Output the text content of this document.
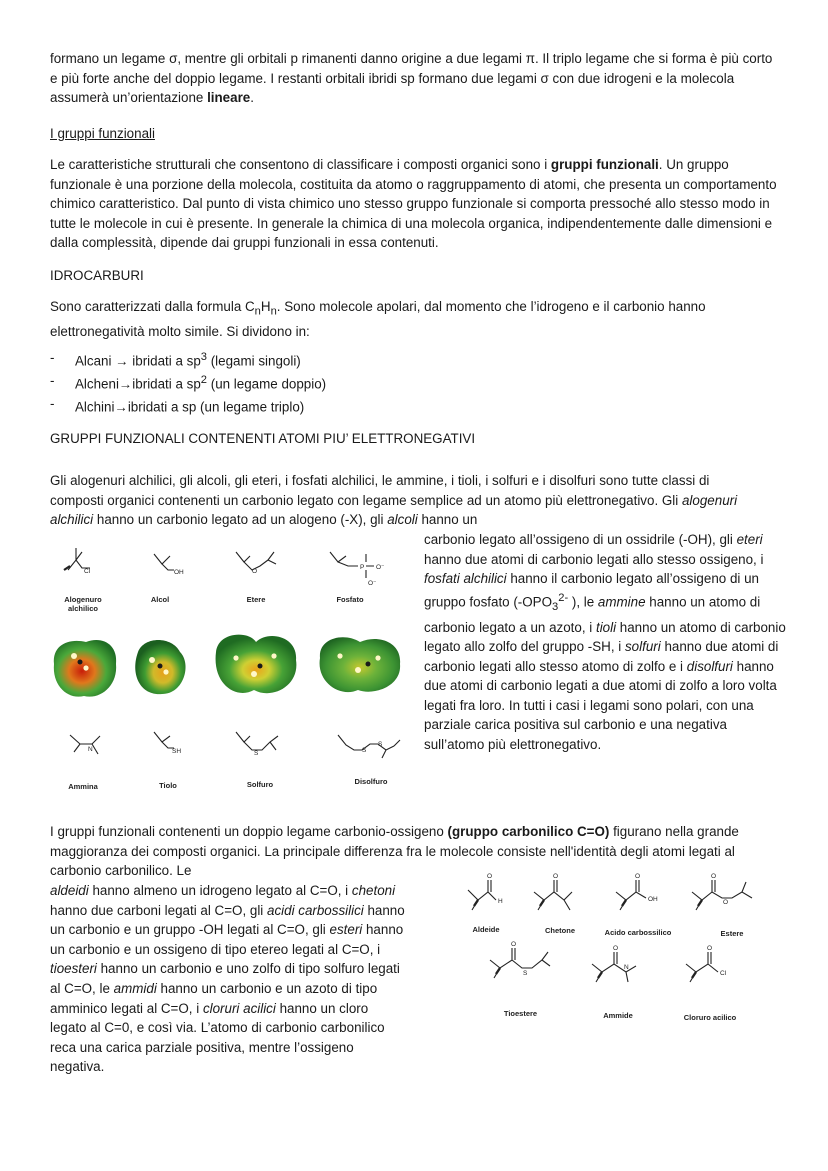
formano un legame σ, mentre gli orbitali p rimanenti danno origine a due legami π. Il triplo legame che si forma è più corto e più forte anche del doppio legame. I restanti orbitali ibridi sp formano due legami σ con due idrogeni e la molecola assumerà un’orientazione lineare.

I gruppi funzionali

Le caratteristiche strutturali che consentono di classificare i composti organici sono i gruppi funzionali. Un gruppo funzionale è una porzione della molecola, costituita da atomo o raggruppamento di atomi, che presenta un comportamento chimico caratteristico. Dal punto di vista chimico uno stesso gruppo funzionale si comporta pressoché allo stesso modo in tutte le molecole in cui è presente. In generale la chimica di una molecola organica, indipendentemente dalle dimensioni e dalla complessità, dipende dai gruppi funzionali in essa contenuti.

IDROCARBURI

Sono caratterizzati dalla formula $C_nH_n$. Sono molecole apolari, dal momento che l’idrogeno e il carbonio hanno elettronegatività molto simile. Si dividono in:

-	Alcani → ibridati a $sp^3$ (legami singoli)
-	Alcheni→ibridati a $sp^2$ (un legame doppio)
-	Alchini→ibridati a sp (un legame triplo)

GRUPPI FUNZIONALI CONTENENTI ATOMI PIU’ ELETTRONEGATIVI

Gli alogenuri alchilici, gli alcoli, gli eteri, i fosfati alchilici, le ammine, i tioli, i solfuri e i disolfuri sono tutte classi di composti organici contenenti un carbonio legato con legame semplice ad un atomo più elettronegativo. Gli alogenuri alchilici hanno un carbonio legato ad un alogeno (-X), gli alcoli hanno un

carbonio legato all’ossigeno di un ossidrile (-OH), gli eteri hanno due atomi di carbonio legati allo stesso ossigeno, i fosfati alchilici hanno il carbonio legato all’ossigeno di un gruppo fosfato ($-OPO_3^{2-}$ ), le ammine hanno un atomo di carbonio legato a un azoto, i tioli hanno un atomo di carbonio legato allo zolfo del gruppo -SH, i solfuri hanno due atomi di carbonio legati allo stesso atomo di zolfo e i disolfuri hanno due atomi di carbonio legati a due atomi di zolfo a loro volta legati fra loro. In tutti i casi i legami sono polari, con una parziale carica positiva sul carbonio e una negativa sull’atomo più elettronegativo.

Cl	OH	O
P O⁻
O⁻
N	SH	S	S
S
Alogenuro alchilico
Alcol	Etere	Fosfato
Ammina	Tiolo	Solfuro	Disolfuro

I gruppi funzionali contenenti un doppio legame carbonio-ossigeno (gruppo carbonilico C=O) figurano nella grande maggioranza dei composti organici. La principale differenza fra le molecole consiste nell'identità degli atomi legati al carbonio carbonilico. Le

aldeidi hanno almeno un idrogeno legato al C=O, i chetoni hanno due carboni legati al C=O, gli acidi carbossilici hanno un carbonio e un gruppo -OH legati al C=O, gli esteri hanno un carbonio e un ossigeno di tipo etereo legati al C=O, i tioesteri hanno un carbonio e uno zolfo di tipo solfuro legati al C=O, le ammidi hanno un carbonio e un azoto di tipo amminico legati al C=O, i cloruri acilici hanno un cloro legato al C=0, e così via. L’atomo di carbonio carbonilico reca una carica parziale positiva, mentre l’ossigeno negativa.

O
H
O	O
OH
O
O
O
S
O
N
O
Cl
Aldeide	Chetone	Acido carbossilico	Estere
Tioestere	Ammide	Cloruro acilico
